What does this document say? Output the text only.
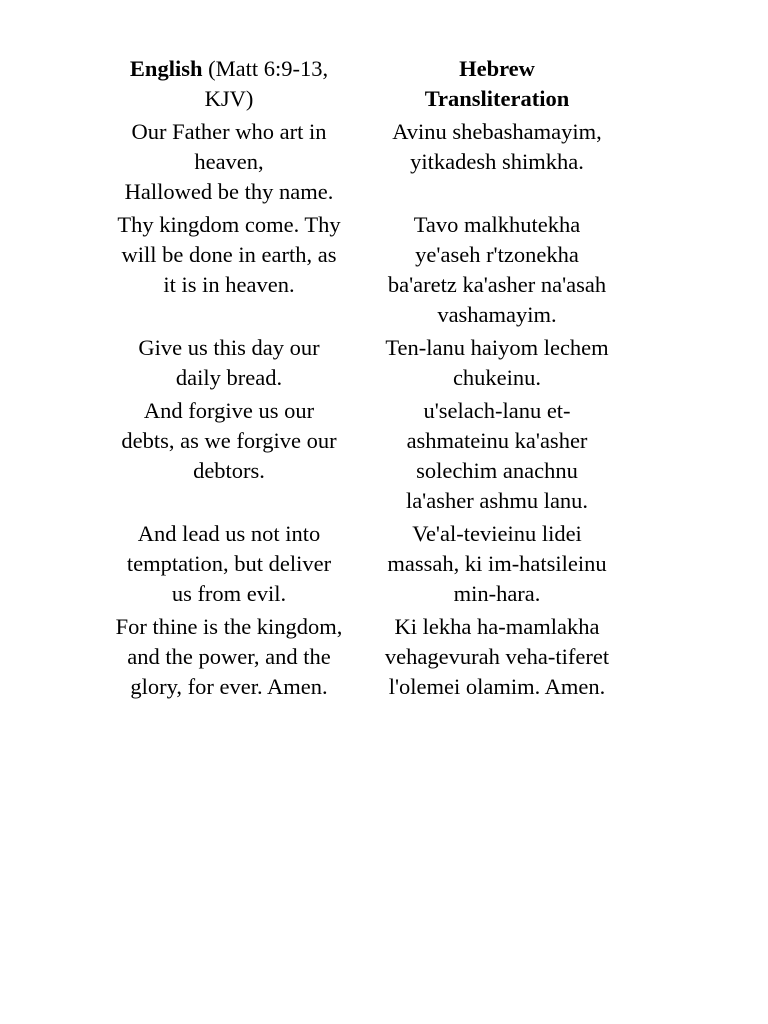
English (Matt 6:9-13,
KJV)	Hebrew
Transliteration

Our Father who art in
heaven,
Hallowed be thy name.	Avinu shebashamayim,
yitkadesh shimkha.

Thy kingdom come. Thy
will be done in earth, as
it is in heaven.	Tavo malkhutekha
ye'aseh r'tzonekha
ba'aretz ka'asher na'asah
vashamayim.

Give us this day our
daily bread.	Ten-lanu haiyom lechem
chukeinu.

And forgive us our
debts, as we forgive our
debtors.	u'selach-lanu et-
ashmateinu ka'asher
solechim anachnu
la'asher ashmu lanu.

And lead us not into
temptation, but deliver
us from evil.	Ve'al-tevieinu lidei
massah, ki im-hatsileinu
min-hara.

For thine is the kingdom,
and the power, and the
glory, for ever. Amen.	Ki lekha ha-mamlakha
vehagevurah veha-tiferet
l'olemei olamim. Amen.
